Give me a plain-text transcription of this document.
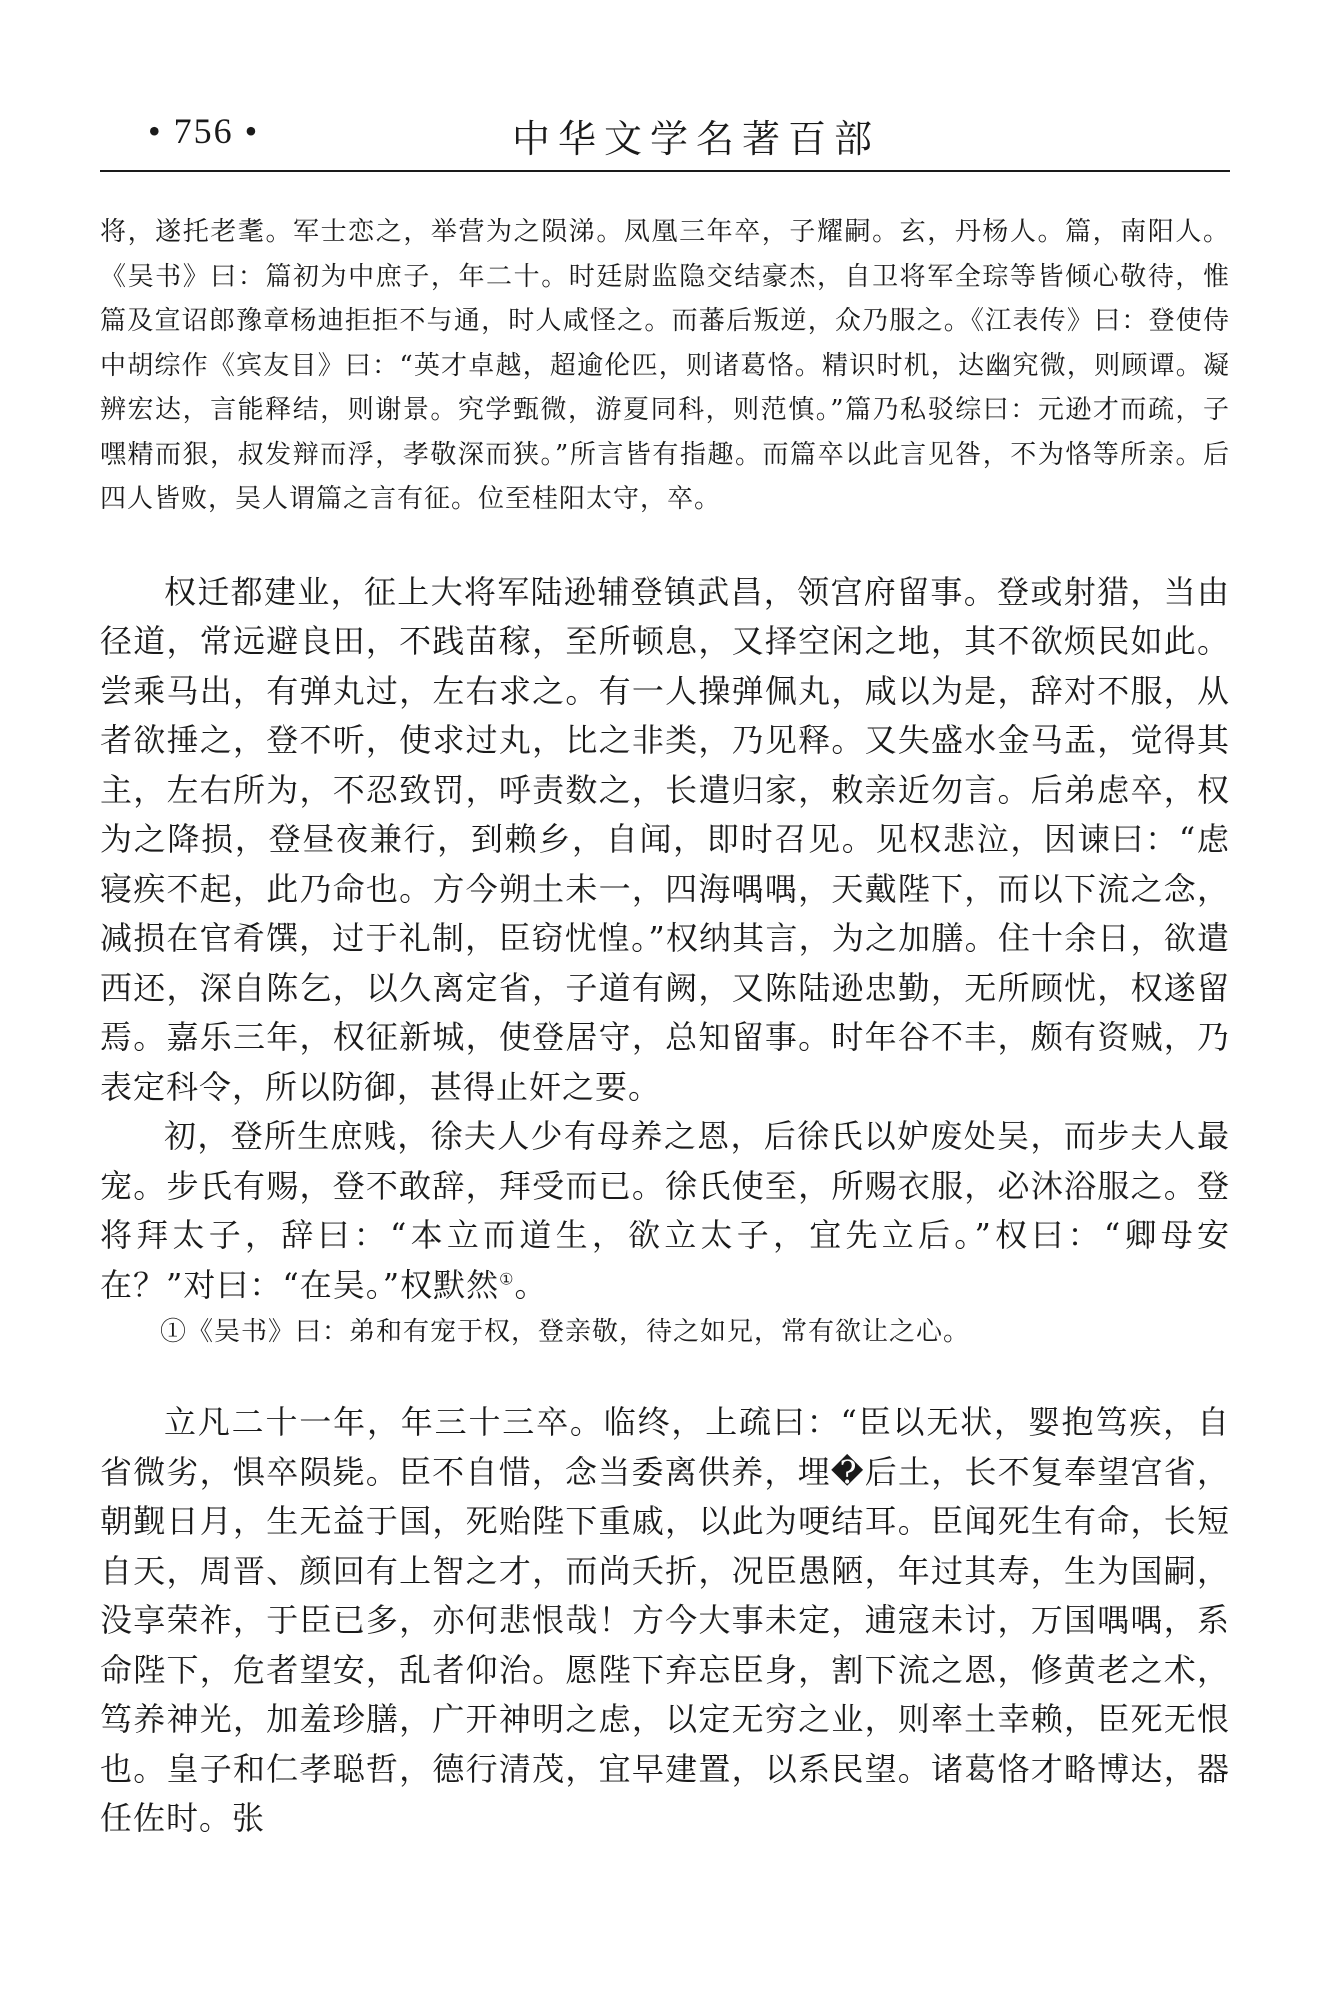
• 756 •	中华文学名著百部

将，遂托老耄。军士恋之，举营为之陨涕。凤凰三年卒，子耀嗣。玄，丹杨人。篇，南阳人。《吴书》曰：篇初为中庶子，年二十。时廷尉监隐交结豪杰，自卫将军全琮等皆倾心敬待，惟篇及宣诏郎豫章杨迪拒拒不与通，时人咸怪之。而蕃后叛逆，众乃服之。《江表传》曰：登使侍中胡综作《宾友目》曰：“英才卓越，超逾伦匹，则诸葛恪。精识时机，达幽究微，则顾谭。凝辨宏达，言能释结，则谢景。究学甄微，游夏同科，则范慎。”篇乃私驳综曰：元逊才而疏，子嘿精而狠，叔发辩而浮，孝敬深而狭。”所言皆有指趣。而篇卒以此言见咎，不为恪等所亲。后四人皆败，吴人谓篇之言有征。位至桂阳太守，卒。

权迁都建业，征上大将军陆逊辅登镇武昌，领宫府留事。登或射猎，当由径道，常远避良田，不践苗稼，至所顿息，又择空闲之地，其不欲烦民如此。尝乘马出，有弹丸过，左右求之。有一人操弹佩丸，咸以为是，辞对不服，从者欲捶之，登不听，使求过丸，比之非类，乃见释。又失盛水金马盂，觉得其主，左右所为，不忍致罚，呼责数之，长遣归家，敕亲近勿言。后弟虑卒，权为之降损，登昼夜兼行，到赖乡，自闻，即时召见。见权悲泣，因谏曰：“虑寝疾不起，此乃命也。方今朔土未一，四海喁喁，天戴陛下，而以下流之念，减损在官肴馔，过于礼制，臣窃忧惶。”权纳其言，为之加膳。住十余日，欲遣西还，深自陈乞，以久离定省，子道有阙，又陈陆逊忠勤，无所顾忧，权遂留焉。嘉乐三年，权征新城，使登居守，总知留事。时年谷不丰，颇有资贼，乃表定科令，所以防御，甚得止奸之要。

初，登所生庶贱，徐夫人少有母养之恩，后徐氏以妒废处吴，而步夫人最宠。步氏有赐，登不敢辞，拜受而已。徐氏使至，所赐衣服，必沐浴服之。登将拜太子，辞曰：“本立而道生，欲立太子，宜先立后。”权曰：“卿母安在？”对曰：“在吴。”权默然①。

①《吴书》曰：弟和有宠于权，登亲敬，待之如兄，常有欲让之心。

立凡二十一年，年三十三卒。临终，上疏曰：“臣以无状，婴抱笃疾，自省微劣，惧卒陨毙。臣不自惜，念当委离供养，埋�后土，长不复奉望宫省，朝觐日月，生无益于国，死贻陛下重戚，以此为哽结耳。臣闻死生有命，长短自天，周晋、颜回有上智之才，而尚夭折，况臣愚陋，年过其寿，生为国嗣，没享荣祚，于臣已多，亦何悲恨哉！方今大事未定，逋寇未讨，万国喁喁，系命陛下，危者望安，乱者仰治。愿陛下弃忘臣身，割下流之恩，修黄老之术，笃养神光，加羞珍膳，广开神明之虑，以定无穷之业，则率土幸赖，臣死无恨也。皇子和仁孝聪哲，德行清茂，宜早建置，以系民望。诸葛恪才略博达，器任佐时。张
